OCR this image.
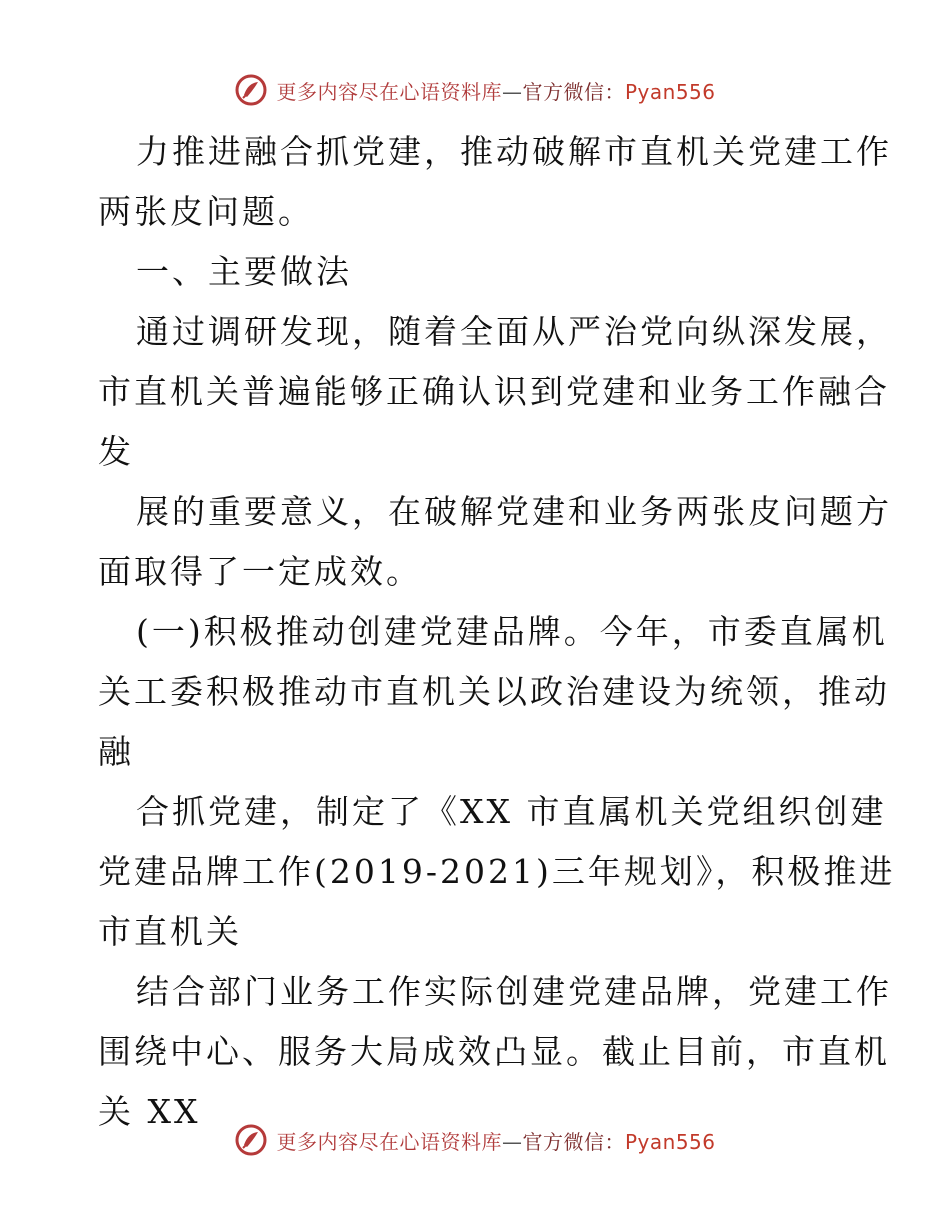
更多内容尽在心语资料库—官方微信：Pyan556
力推进融合抓党建，推动破解市直机关党建工作
两张皮问题。
一、主要做法
通过调研发现，随着全面从严治党向纵深发展，
市直机关普遍能够正确认识到党建和业务工作融合
发
展的重要意义，在破解党建和业务两张皮问题方
面取得了一定成效。
(一)积极推动创建党建品牌。今年，市委直属机
关工委积极推动市直机关以政治建设为统领，推动
融
合抓党建，制定了《XX 市直属机关党组织创建
党建品牌工作(2019-2021)三年规划》，积极推进
市直机关
结合部门业务工作实际创建党建品牌，党建工作
围绕中心、服务大局成效凸显。截止目前，市直机
关 XX
更多内容尽在心语资料库—官方微信：Pyan556
